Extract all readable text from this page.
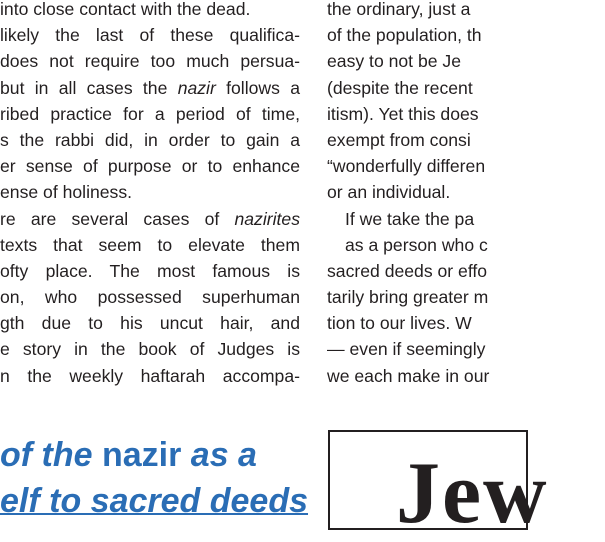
into close contact with the dead.
likely the last of these qualifica-
does not require too much persua-
but in all cases the nazir follows a
ribed practice for a period of time,
s the rabbi did, in order to gain a
er sense of purpose or to enhance
ense of holiness.
re are several cases of nazirites
texts that seem to elevate them
ofty place. The most famous is
on, who possessed superhuman
gth due to his uncut hair, and
e story in the book of Judges is
n the weekly haftarah accompa-
the ordinary, just a
of the population, th
easy to not be Je
(despite the recent
itism). Yet this does
exempt from consi
“wonderfully differen
or an individual.
If we take the pa
as a person who c
sacred deeds or effo
tarily bring greater m
tion to our lives. W
— even if seemingly
we each make in our
of the nazir as a
elf to sacred deeds Jew
